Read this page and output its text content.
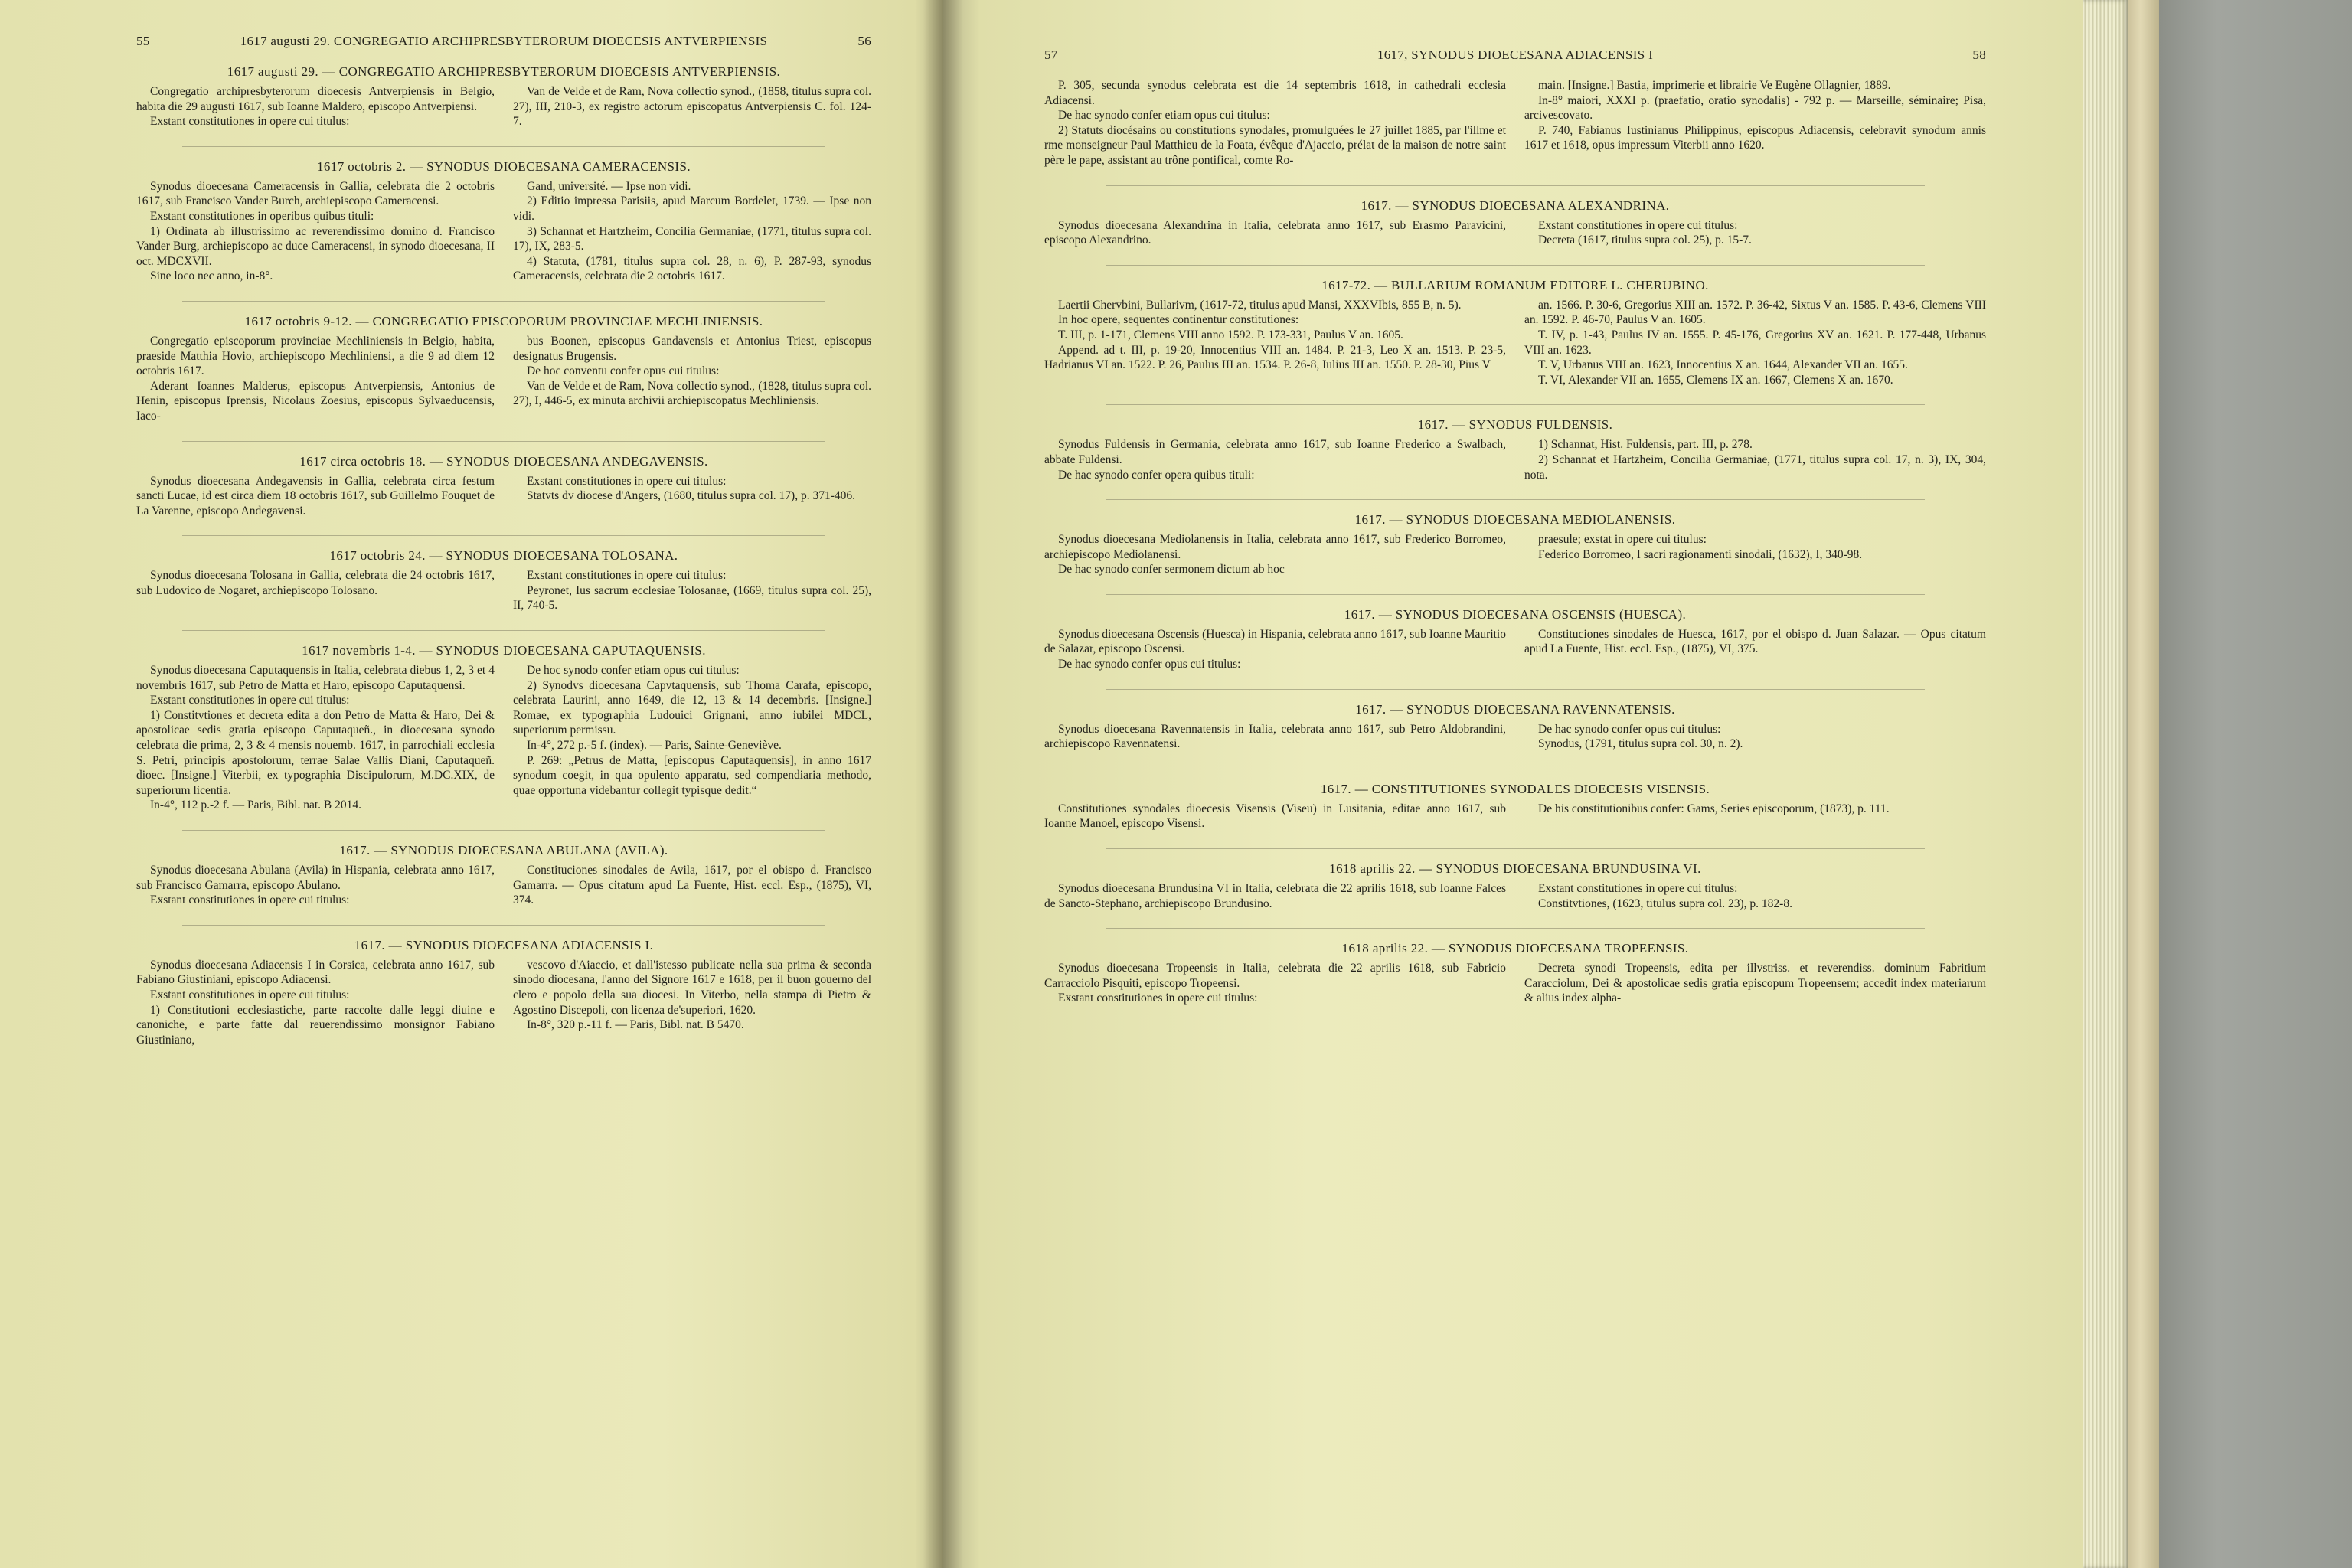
55	1617 augusti 29. CONGREGATIO ARCHIPRESBYTERORUM DIOECESIS ANTVERPIENSIS	56
1617 augusti 29. — CONGREGATIO ARCHIPRESBYTERORUM DIOECESIS ANTVERPIENSIS.

Congregatio archipresbyterorum dioecesis Antverpiensis in Belgio, habita die 29 augusti 1617, sub Ioanne Maldero, episcopo Antverpiensi.

Exstant constitutiones in opere cui titulus:

Van de Velde et de Ram, Nova collectio synod., (1858, titulus supra col. 27), III, 210-3, ex registro actorum episcopatus Antverpiensis C. fol. 124-7.

1617 octobris 2. — SYNODUS DIOECESANA CAMERACENSIS.

Synodus dioecesana Cameracensis in Gallia, celebrata die 2 octobris 1617, sub Francisco Vander Burch, archiepiscopo Cameracensi.

Exstant constitutiones in operibus quibus tituli:

1) Ordinata ab illustrissimo ac reverendissimo domino d. Francisco Vander Burg, archiepiscopo ac duce Cameracensi, in synodo dioecesana, II oct. MDCXVII.

Sine loco nec anno, in-8°.

Gand, université. — Ipse non vidi.

2) Editio impressa Parisiis, apud Marcum Bordelet, 1739. — Ipse non vidi.

3) Schannat et Hartzheim, Concilia Germaniae, (1771, titulus supra col. 17), IX, 283-5.

4) Statuta, (1781, titulus supra col. 28, n. 6), P. 287-93, synodus Cameracensis, celebrata die 2 octobris 1617.

1617 octobris 9-12. — CONGREGATIO EPISCOPORUM PROVINCIAE MECHLINIENSIS.

Congregatio episcoporum provinciae Mechliniensis in Belgio, habita, praeside Matthia Hovio, archiepiscopo Mechliniensi, a die 9 ad diem 12 octobris 1617.

Aderant Ioannes Malderus, episcopus Antverpiensis, Antonius de Henin, episcopus Iprensis, Nicolaus Zoesius, episcopus Sylvaeducensis, Iaco-

bus Boonen, episcopus Gandavensis et Antonius Triest, episcopus designatus Brugensis.

De hoc conventu confer opus cui titulus:

Van de Velde et de Ram, Nova collectio synod., (1828, titulus supra col. 27), I, 446-5, ex minuta archivii archiepiscopatus Mechliniensis.

1617 circa octobris 18. — SYNODUS DIOECESANA ANDEGAVENSIS.

Synodus dioecesana Andegavensis in Gallia, celebrata circa festum sancti Lucae, id est circa diem 18 octobris 1617, sub Guillelmo Fouquet de La Varenne, episcopo Andegavensi.

Exstant constitutiones in opere cui titulus:

Statvts dv diocese d'Angers, (1680, titulus supra col. 17), p. 371-406.

1617 octobris 24. — SYNODUS DIOECESANA TOLOSANA.

Synodus dioecesana Tolosana in Gallia, celebrata die 24 octobris 1617, sub Ludovico de Nogaret, archiepiscopo Tolosano.

Exstant constitutiones in opere cui titulus:

Peyronet, Ius sacrum ecclesiae Tolosanae, (1669, titulus supra col. 25), II, 740-5.

1617 novembris 1-4. — SYNODUS DIOECESANA CAPUTAQUENSIS.

Synodus dioecesana Caputaquensis in Italia, celebrata diebus 1, 2, 3 et 4 novembris 1617, sub Petro de Matta et Haro, episcopo Caputaquensi.

Exstant constitutiones in opere cui titulus:

1) Constitvtiones et decreta edita a don Petro de Matta & Haro, Dei & apostolicae sedis gratia episcopo Caputaqueñ., in dioecesana synodo celebrata die prima, 2, 3 & 4 mensis nouemb. 1617, in parrochiali ecclesia S. Petri, principis apostolorum, terrae Salae Vallis Diani, Caputaqueñ. dioec. [Insigne.] Viterbii, ex typographia Discipulorum, M.DC.XIX, de superiorum licentia.

In-4°, 112 p.-2 f. — Paris, Bibl. nat. B 2014.

De hoc synodo confer etiam opus cui titulus:

2) Synodvs dioecesana Capvtaquensis, sub Thoma Carafa, episcopo, celebrata Laurini, anno 1649, die 12, 13 & 14 decembris. [Insigne.] Romae, ex typographia Ludouici Grignani, anno iubilei MDCL, superiorum permissu.

In-4°, 272 p.-5 f. (index). — Paris, Sainte-Geneviève.

P. 269: „Petrus de Matta, [episcopus Caputaquensis], in anno 1617 synodum coegit, in qua opulento apparatu, sed compendiaria methodo, quae opportuna videbantur collegit typisque dedit.“

1617. — SYNODUS DIOECESANA ABULANA (AVILA).

Synodus dioecesana Abulana (Avila) in Hispania, celebrata anno 1617, sub Francisco Gamarra, episcopo Abulano.

Exstant constitutiones in opere cui titulus:

Constituciones sinodales de Avila, 1617, por el obispo d. Francisco Gamarra. — Opus citatum apud La Fuente, Hist. eccl. Esp., (1875), VI, 374.

1617. — SYNODUS DIOECESANA ADIACENSIS I.

Synodus dioecesana Adiacensis I in Corsica, celebrata anno 1617, sub Fabiano Giustiniani, episcopo Adiacensi.

Exstant constitutiones in opere cui titulus:

1) Constitutioni ecclesiastiche, parte raccolte dalle leggi diuine e canoniche, e parte fatte dal reuerendissimo monsignor Fabiano Giustiniano,

vescovo d'Aiaccio, et dall'istesso publicate nella sua prima & seconda sinodo diocesana, l'anno del Signore 1617 e 1618, per il buon gouerno del clero e popolo della sua diocesi. In Viterbo, nella stampa di Pietro & Agostino Discepoli, con licenza de'superiori, 1620.

In-8°, 320 p.-11 f. — Paris, Bibl. nat. B 5470.

57	1617, SYNODUS DIOECESANA ADIACENSIS I	58

P. 305, secunda synodus celebrata est die 14 septembris 1618, in cathedrali ecclesia Adiacensi.

De hac synodo confer etiam opus cui titulus:

2) Statuts diocésains ou constitutions synodales, promulguées le 27 juillet 1885, par l'illme et rme monseigneur Paul Matthieu de la Foata, évêque d'Ajaccio, prélat de la maison de notre saint père le pape, assistant au trône pontifical, comte Ro-

main. [Insigne.] Bastia, imprimerie et librairie Ve Eugène Ollagnier, 1889.

In-8° maiori, XXXI p. (praefatio, oratio synodalis) - 792 p. — Marseille, séminaire; Pisa, arcivescovato.

P. 740, Fabianus Iustinianus Philippinus, episcopus Adiacensis, celebravit synodum annis 1617 et 1618, opus impressum Viterbii anno 1620.

1617. — SYNODUS DIOECESANA ALEXANDRINA.

Synodus dioecesana Alexandrina in Italia, celebrata anno 1617, sub Erasmo Paravicini, episcopo Alexandrino.

Exstant constitutiones in opere cui titulus:

Decreta (1617, titulus supra col. 25), p. 15-7.

1617-72. — BULLARIUM ROMANUM EDITORE L. CHERUBINO.

Laertii Chervbini, Bullarivm, (1617-72, titulus apud Mansi, XXXVIbis, 855 B, n. 5).

In hoc opere, sequentes continentur constitutiones:

T. III, p. 1-171, Clemens VIII anno 1592. P. 173-331, Paulus V an. 1605.

Append. ad t. III, p. 19-20, Innocentius VIII an. 1484. P. 21-3, Leo X an. 1513. P. 23-5, Hadrianus VI an. 1522. P. 26, Paulus III an. 1534. P. 26-8, Iulius III an. 1550. P. 28-30, Pius V

an. 1566. P. 30-6, Gregorius XIII an. 1572. P. 36-42, Sixtus V an. 1585. P. 43-6, Clemens VIII an. 1592. P. 46-70, Paulus V an. 1605.

T. IV, p. 1-43, Paulus IV an. 1555. P. 45-176, Gregorius XV an. 1621. P. 177-448, Urbanus VIII an. 1623.

T. V, Urbanus VIII an. 1623, Innocentius X an. 1644, Alexander VII an. 1655.

T. VI, Alexander VII an. 1655, Clemens IX an. 1667, Clemens X an. 1670.

1617. — SYNODUS FULDENSIS.

Synodus Fuldensis in Germania, celebrata anno 1617, sub Ioanne Frederico a Swalbach, abbate Fuldensi.

De hac synodo confer opera quibus tituli:

1) Schannat, Hist. Fuldensis, part. III, p. 278.

2) Schannat et Hartzheim, Concilia Germaniae, (1771, titulus supra col. 17, n. 3), IX, 304, nota.

1617. — SYNODUS DIOECESANA MEDIOLANENSIS.

Synodus dioecesana Mediolanensis in Italia, celebrata anno 1617, sub Frederico Borromeo, archiepiscopo Mediolanensi.

De hac synodo confer sermonem dictum ab hoc

praesule; exstat in opere cui titulus:

Federico Borromeo, I sacri ragionamenti sinodali, (1632), I, 340-98.

1617. — SYNODUS DIOECESANA OSCENSIS (HUESCA).

Synodus dioecesana Oscensis (Huesca) in Hispania, celebrata anno 1617, sub Ioanne Mauritio de Salazar, episcopo Oscensi.

De hac synodo confer opus cui titulus:

Constituciones sinodales de Huesca, 1617, por el obispo d. Juan Salazar. — Opus citatum apud La Fuente, Hist. eccl. Esp., (1875), VI, 375.

1617. — SYNODUS DIOECESANA RAVENNATENSIS.

Synodus dioecesana Ravennatensis in Italia, celebrata anno 1617, sub Petro Aldobrandini, archiepiscopo Ravennatensi.

De hac synodo confer opus cui titulus:

Synodus, (1791, titulus supra col. 30, n. 2).

1617. — CONSTITUTIONES SYNODALES DIOECESIS VISENSIS.

Constitutiones synodales dioecesis Visensis (Viseu) in Lusitania, editae anno 1617, sub Ioanne Manoel, episcopo Visensi.

De his constitutionibus confer: Gams, Series episcoporum, (1873), p. 111.

1618 aprilis 22. — SYNODUS DIOECESANA BRUNDUSINA VI.

Synodus dioecesana Brundusina VI in Italia, celebrata die 22 aprilis 1618, sub Ioanne Falces de Sancto-Stephano, archiepiscopo Brundusino.

Exstant constitutiones in opere cui titulus:

Constitvtiones, (1623, titulus supra col. 23), p. 182-8.

1618 aprilis 22. — SYNODUS DIOECESANA TROPEENSIS.

Synodus dioecesana Tropeensis in Italia, celebrata die 22 aprilis 1618, sub Fabricio Carracciolo Pisquiti, episcopo Tropeensi.

Exstant constitutiones in opere cui titulus:

Decreta synodi Tropeensis, edita per illvstriss. et reverendiss. dominum Fabritium Caracciolum, Dei & apostolicae sedis gratia episcopum Tropeensem; accedit index materiarum & alius index alpha-
